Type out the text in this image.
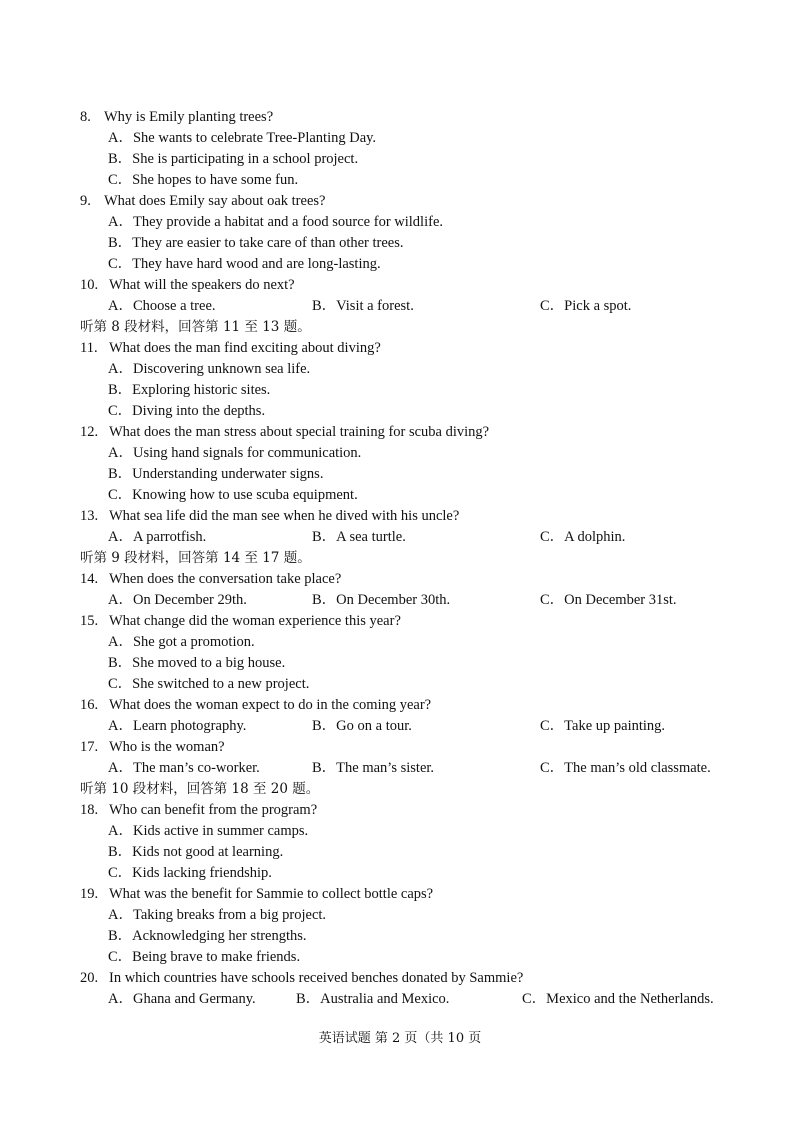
8. Why is Emily planting trees?
A．She wants to celebrate Tree-Planting Day.
B．She is participating in a school project.
C．She hopes to have some fun.
9. What does Emily say about oak trees?
A．They provide a habitat and a food source for wildlife.
B．They are easier to take care of than other trees.
C．They have hard wood and are long-lasting.
10. What will the speakers do next?
A．Choose a tree.	B．Visit a forest.	C．Pick a spot.
听第 8 段材料，回答第 11 至 13 题。
11. What does the man find exciting about diving?
A．Discovering unknown sea life.
B．Exploring historic sites.
C．Diving into the depths.
12. What does the man stress about special training for scuba diving?
A．Using hand signals for communication.
B．Understanding underwater signs.
C．Knowing how to use scuba equipment.
13. What sea life did the man see when he dived with his uncle?
A．A parrotfish.	B．A sea turtle.	C．A dolphin.
听第 9 段材料，回答第 14 至 17 题。
14. When does the conversation take place?
A．On December 29th.	B．On December 30th.	C．On December 31st.
15. What change did the woman experience this year?
A．She got a promotion.
B．She moved to a big house.
C．She switched to a new project.
16. What does the woman expect to do in the coming year?
A．Learn photography.	B．Go on a tour.	C．Take up painting.
17. Who is the woman?
A．The man’s co-worker.	B．The man’s sister.	C．The man’s old classmate.
听第 10 段材料，回答第 18 至 20 题。
18. Who can benefit from the program?
A．Kids active in summer camps.
B．Kids not good at learning.
C．Kids lacking friendship.
19. What was the benefit for Sammie to collect bottle caps?
A．Taking breaks from a big project.
B．Acknowledging her strengths.
C．Being brave to make friends.
20. In which countries have schools received benches donated by Sammie?
A．Ghana and Germany.	B．Australia and Mexico.	C．Mexico and the Netherlands.
英语试题 第 2 页（共 10 页
